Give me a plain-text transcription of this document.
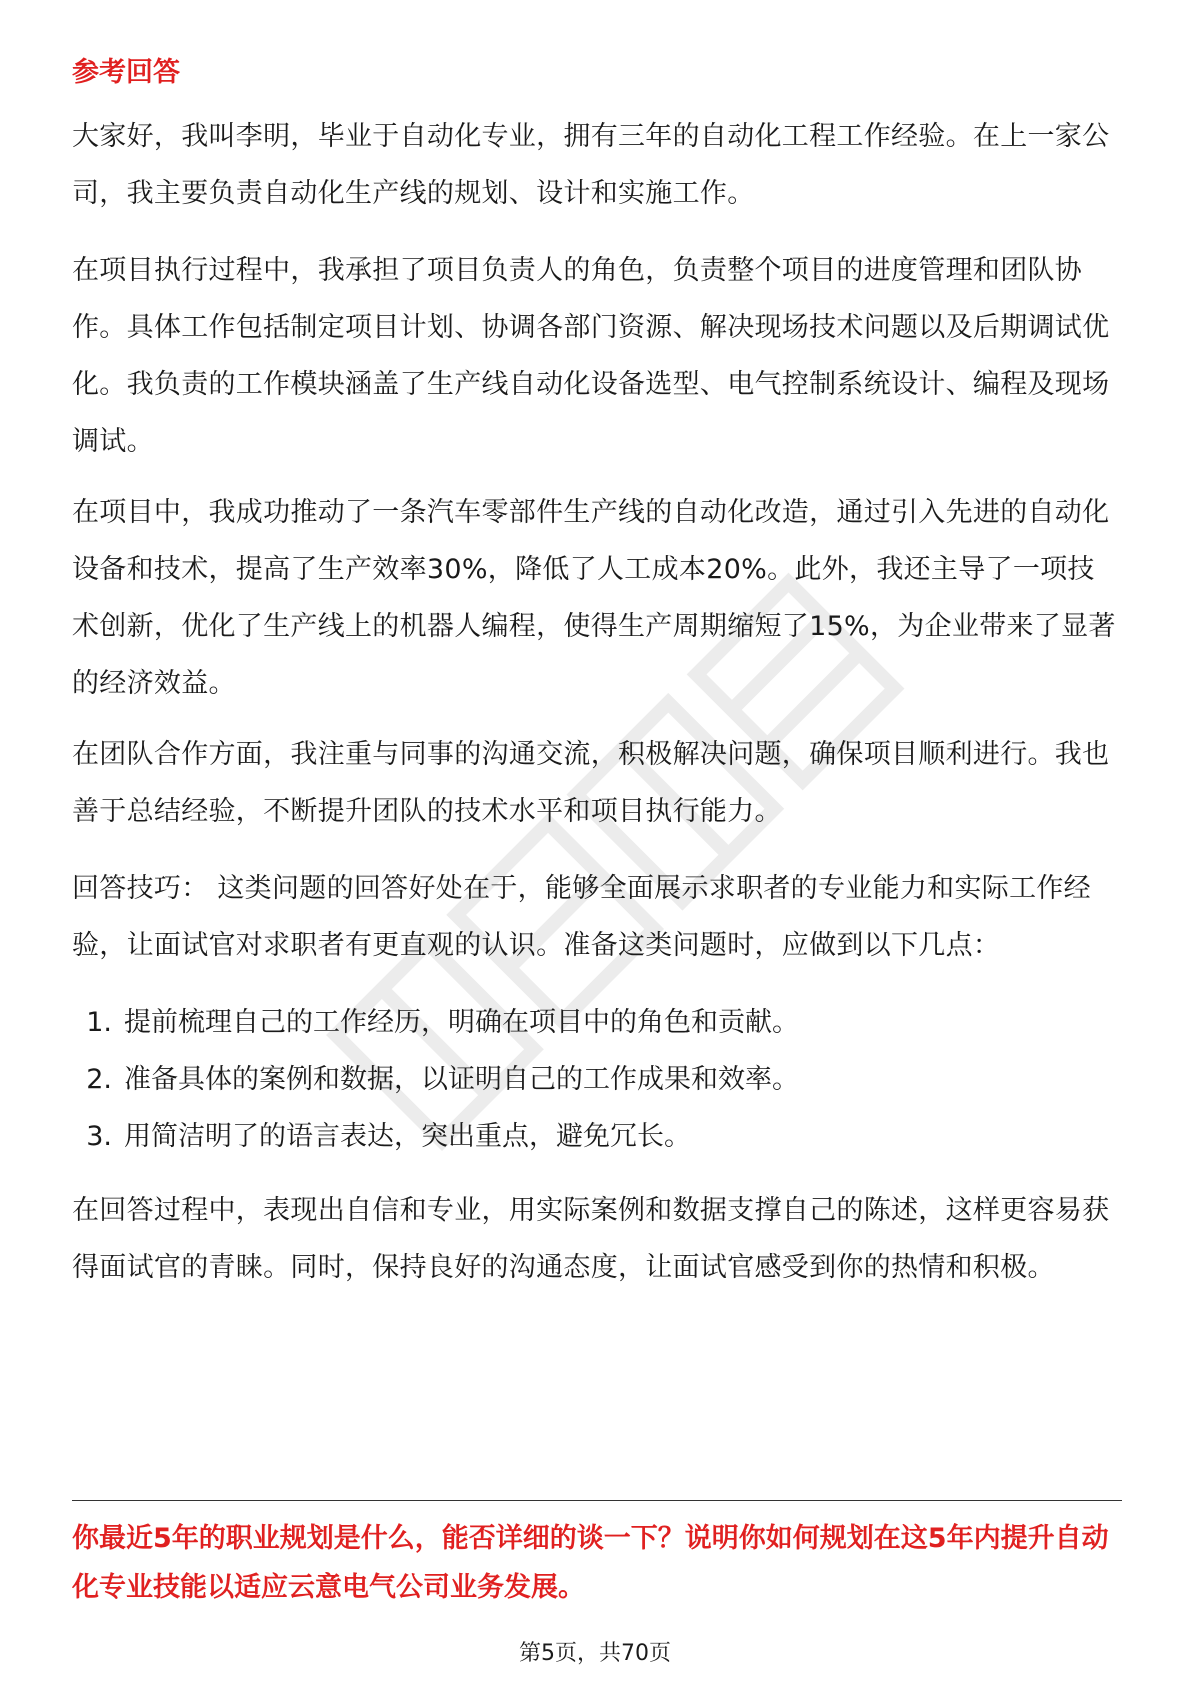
参考回答

大家好，我叫李明，毕业于自动化专业，拥有三年的自动化工程工作经验。在上一家公司，我主要负责自动化生产线的规划、设计和实施工作。

在项目执行过程中，我承担了项目负责人的角色，负责整个项目的进度管理和团队协作。具体工作包括制定项目计划、协调各部门资源、解决现场技术问题以及后期调试优化。我负责的工作模块涵盖了生产线自动化设备选型、电气控制系统设计、编程及现场调试。

在项目中，我成功推动了一条汽车零部件生产线的自动化改造，通过引入先进的自动化设备和技术，提高了生产效率30%，降低了人工成本20%。此外，我还主导了一项技术创新，优化了生产线上的机器人编程，使得生产周期缩短了15%，为企业带来了显著的经济效益。

在团队合作方面，我注重与同事的沟通交流，积极解决问题，确保项目顺利进行。我也善于总结经验，不断提升团队的技术水平和项目执行能力。

回答技巧： 这类问题的回答好处在于，能够全面展示求职者的专业能力和实际工作经验，让面试官对求职者有更直观的认识。准备这类问题时，应做到以下几点：

1. 提前梳理自己的工作经历，明确在项目中的角色和贡献。
2. 准备具体的案例和数据，以证明自己的工作成果和效率。
3. 用简洁明了的语言表达，突出重点，避免冗长。

在回答过程中，表现出自信和专业，用实际案例和数据支撑自己的陈述，这样更容易获得面试官的青睐。同时，保持良好的沟通态度，让面试官感受到你的热情和积极。

你最近5年的职业规划是什么，能否详细的谈一下？说明你如何规划在这5年内提升自动化专业技能以适应云意电气公司业务发展。

第5页，共70页
